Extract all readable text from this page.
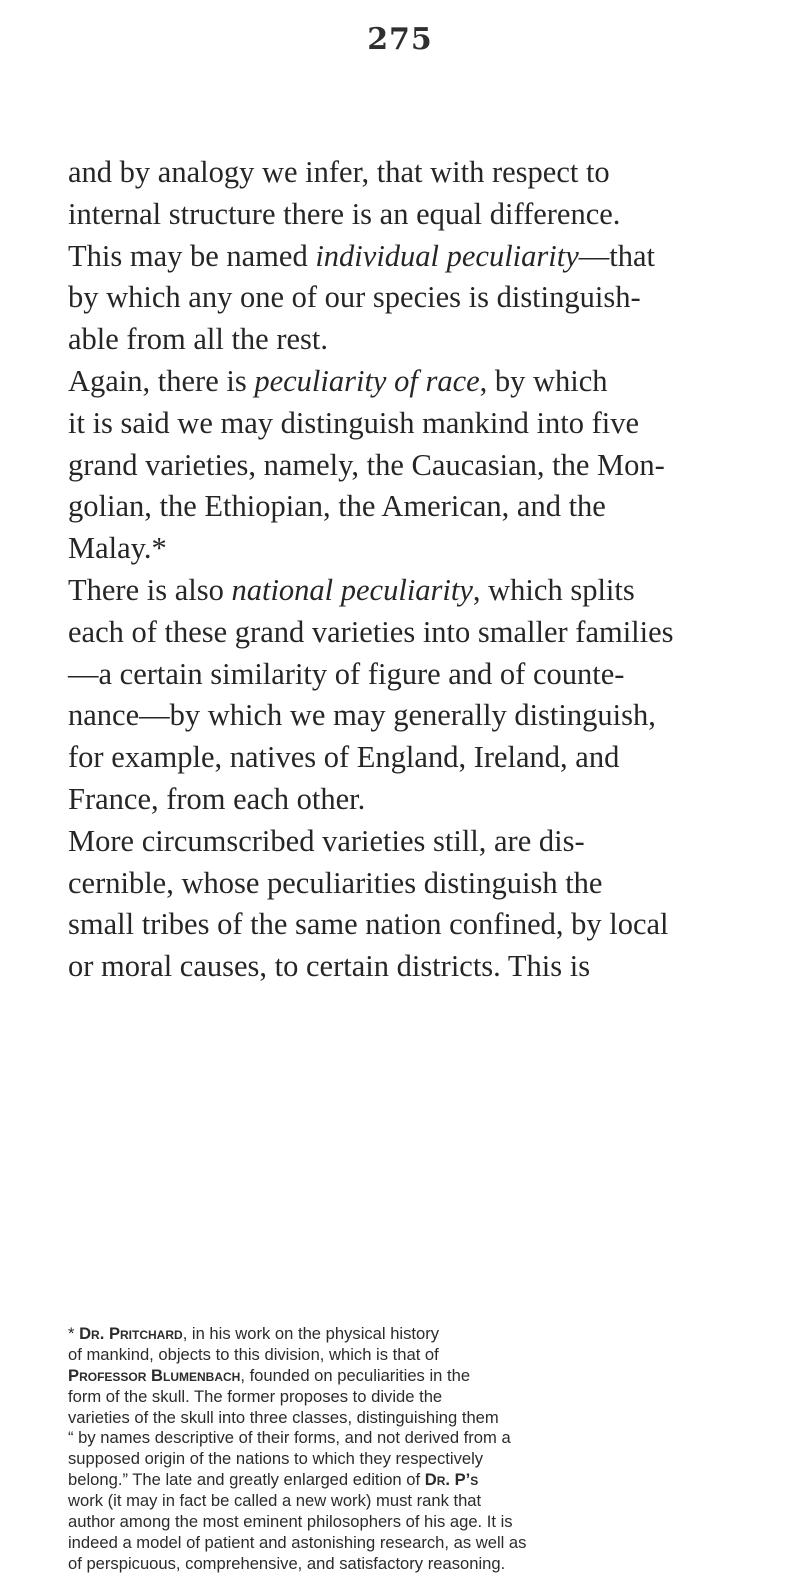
275
and by analogy we infer, that with respect to
internal structure there is an equal difference.
This may be named individual peculiarity—that
by which any one of our species is distinguish-
able from all the rest.
Again, there is peculiarity of race, by which
it is said we may distinguish mankind into five
grand varieties, namely, the Caucasian, the Mon-
golian, the Ethiopian, the American, and the
Malay.*
There is also national peculiarity, which splits
each of these grand varieties into smaller families
—a certain similarity of figure and of counte-
nance—by which we may generally distinguish,
for example, natives of England, Ireland, and
France, from each other.
More circumscribed varieties still, are dis-
cernible, whose peculiarities distinguish the
small tribes of the same nation confined, by local
or moral causes, to certain districts. This is
* Dr. Pritchard, in his work on the physical history
of mankind, objects to this division, which is that of
Professor Blumenbach, founded on peculiarities in the
form of the skull. The former proposes to divide the
varieties of the skull into three classes, distinguishing them
“ by names descriptive of their forms, and not derived from a
supposed origin of the nations to which they respectively
belong.” The late and greatly enlarged edition of Dr. P’s
work (it may in fact be called a new work) must rank that
author among the most eminent philosophers of his age. It is
indeed a model of patient and astonishing research, as well as
of perspicuous, comprehensive, and satisfactory reasoning.
